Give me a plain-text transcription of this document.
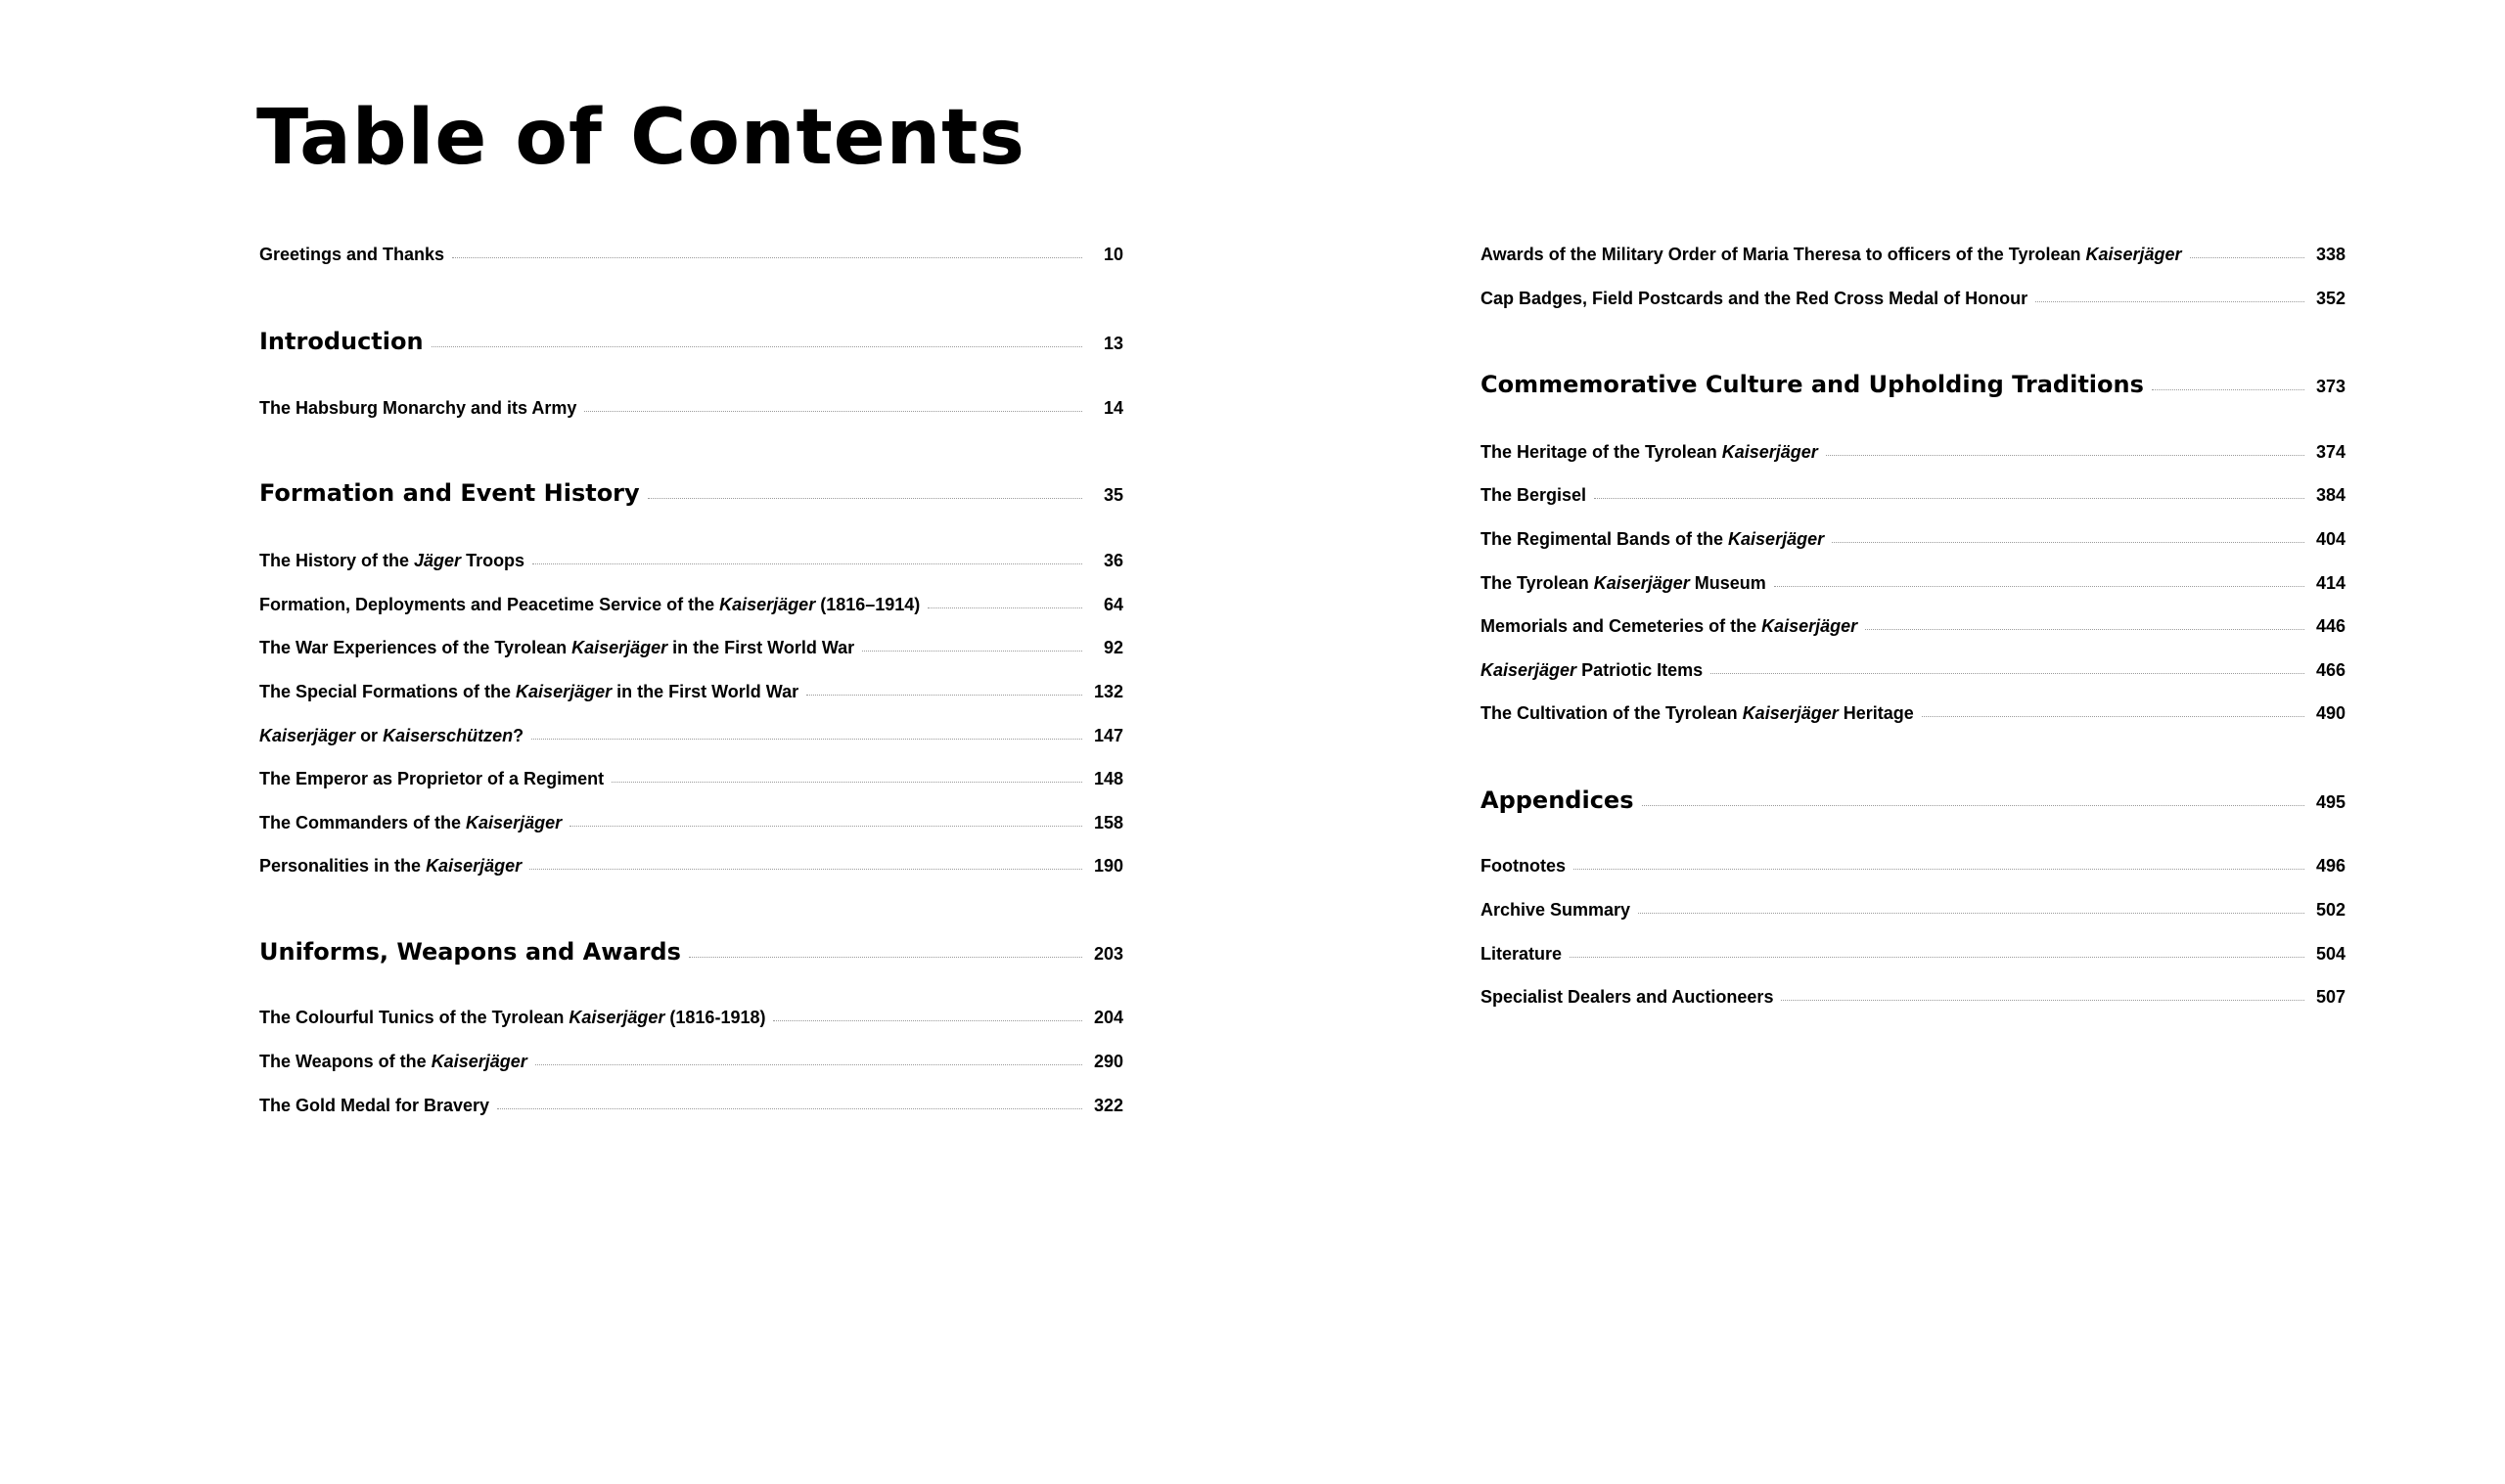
Table of Contents
Greetings and Thanks	10
Introduction	13
The Habsburg Monarchy and its Army	14
Formation and Event History	35
The History of the Jäger Troops	36
Formation, Deployments and Peacetime Service of the Kaiserjäger (1816–1914)	64
The War Experiences of the Tyrolean Kaiserjäger in the First World War	92
The Special Formations of the Kaiserjäger in the First World War	132
Kaiserjäger or Kaiserschützen?	147
The Emperor as Proprietor of a Regiment	148
The Commanders of the Kaiserjäger	158
Personalities in the Kaiserjäger	190
Uniforms, Weapons and Awards	203
The Colourful Tunics of the Tyrolean Kaiserjäger (1816-1918)	204
The Weapons of the Kaiserjäger	290
The Gold Medal for Bravery	322
Awards of the Military Order of Maria Theresa to officers of the Tyrolean Kaiserjäger	338
Cap Badges, Field Postcards and the Red Cross Medal of Honour	352
Commemorative Culture and Upholding Traditions	373
The Heritage of the Tyrolean Kaiserjäger	374
The Bergisel	384
The Regimental Bands of the Kaiserjäger	404
The Tyrolean Kaiserjäger Museum	414
Memorials and Cemeteries of the Kaiserjäger	446
Kaiserjäger Patriotic Items	466
The Cultivation of the Tyrolean Kaiserjäger Heritage	490
Appendices	495
Footnotes	496
Archive Summary	502
Literature	504
Specialist Dealers and Auctioneers	507
